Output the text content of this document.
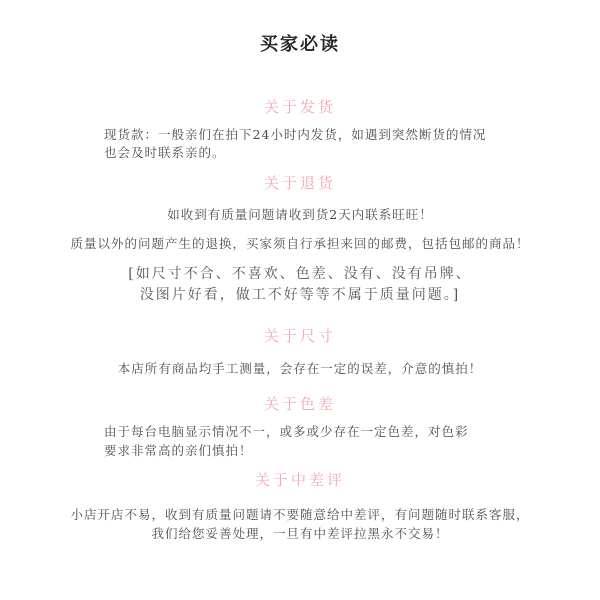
买家必读
关于发货
现货款：一般亲们在拍下24小时内发货，如遇到突然断货的情况
也会及时联系亲的。
关于退货
如收到有质量问题请收到货2天内联系旺旺！
质量以外的问题产生的退换，买家须自行承担来回的邮费，包括包邮的商品！
[如尺寸不合、不喜欢、色差、没有、没有吊牌、
没图片好看，做工不好等等不属于质量问题。]
关于尺寸
本店所有商品均手工测量，会存在一定的误差，介意的慎拍！
关于色差
由于每台电脑显示情况不一，或多或少存在一定色差，对色彩
要求非常高的亲们慎拍！
关于中差评
小店开店不易，收到有质量问题请不要随意给中差评，有问题随时联系客服，
我们给您妥善处理，一旦有中差评拉黑永不交易！
